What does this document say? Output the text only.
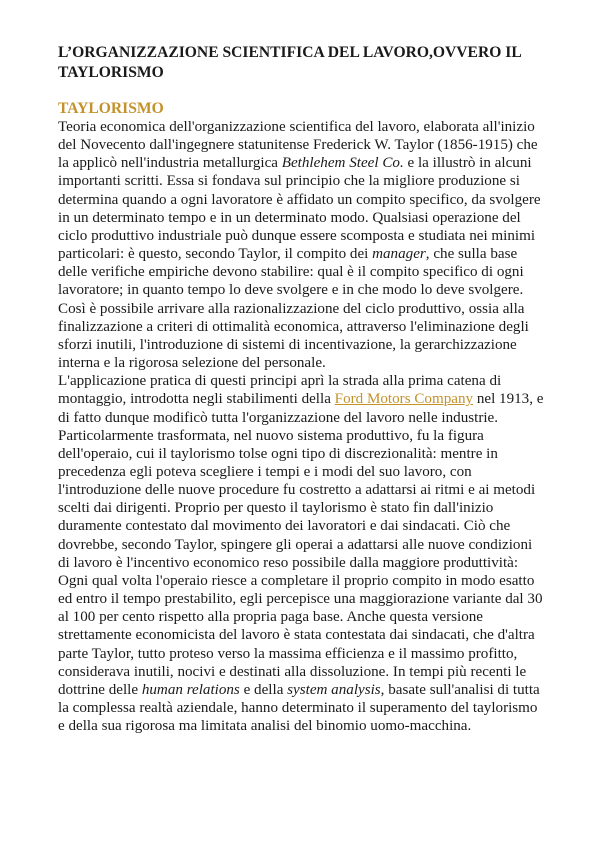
L’ORGANIZZAZIONE SCIENTIFICA DEL LAVORO,OVVERO IL TAYLORISMO
TAYLORISMO

Teoria economica dell'organizzazione scientifica del lavoro, elaborata all'inizio del Novecento dall'ingegnere statunitense Frederick W. Taylor (1856-1915) che la applicò nell'industria metallurgica Bethlehem Steel Co. e la illustrò in alcuni importanti scritti. Essa si fondava sul principio che la migliore produzione si determina quando a ogni lavoratore è affidato un compito specifico, da svolgere in un determinato tempo e in un determinato modo. Qualsiasi operazione del ciclo produttivo industriale può dunque essere scomposta e studiata nei minimi particolari: è questo, secondo Taylor, il compito dei manager, che sulla base delle verifiche empiriche devono stabilire: qual è il compito specifico di ogni lavoratore; in quanto tempo lo deve svolgere e in che modo lo deve svolgere. Così è possibile arrivare alla razionalizzazione del ciclo produttivo, ossia alla finalizzazione a criteri di ottimalità economica, attraverso l'eliminazione degli sforzi inutili, l'introduzione di sistemi di incentivazione, la gerarchizzazione interna e la rigorosa selezione del personale.

L'applicazione pratica di questi principi aprì la strada alla prima catena di montaggio, introdotta negli stabilimenti della Ford Motors Company nel 1913, e di fatto dunque modificò tutta l'organizzazione del lavoro nelle industrie. Particolarmente trasformata, nel nuovo sistema produttivo, fu la figura dell'operaio, cui il taylorismo tolse ogni tipo di discrezionalità: mentre in precedenza egli poteva scegliere i tempi e i modi del suo lavoro, con l'introduzione delle nuove procedure fu costretto a adattarsi ai ritmi e ai metodi scelti dai dirigenti. Proprio per questo il taylorismo è stato fin dall'inizio duramente contestato dal movimento dei lavoratori e dai sindacati. Ciò che dovrebbe, secondo Taylor, spingere gli operai a adattarsi alle nuove condizioni di lavoro è l'incentivo economico reso possibile dalla maggiore produttività: Ogni qual volta l'operaio riesce a completare il proprio compito in modo esatto ed entro il tempo prestabilito, egli percepisce una maggiorazione variante dal 30 al 100 per cento rispetto alla propria paga base. Anche questa versione strettamente economicista del lavoro è stata contestata dai sindacati, che d'altra parte Taylor, tutto proteso verso la massima efficienza e il massimo profitto, considerava inutili, nocivi e destinati alla dissoluzione. In tempi più recenti le dottrine delle human relations e della system analysis, basate sull'analisi di tutta la complessa realtà aziendale, hanno determinato il superamento del taylorismo e della sua rigorosa ma limitata analisi del binomio uomo-macchina.
